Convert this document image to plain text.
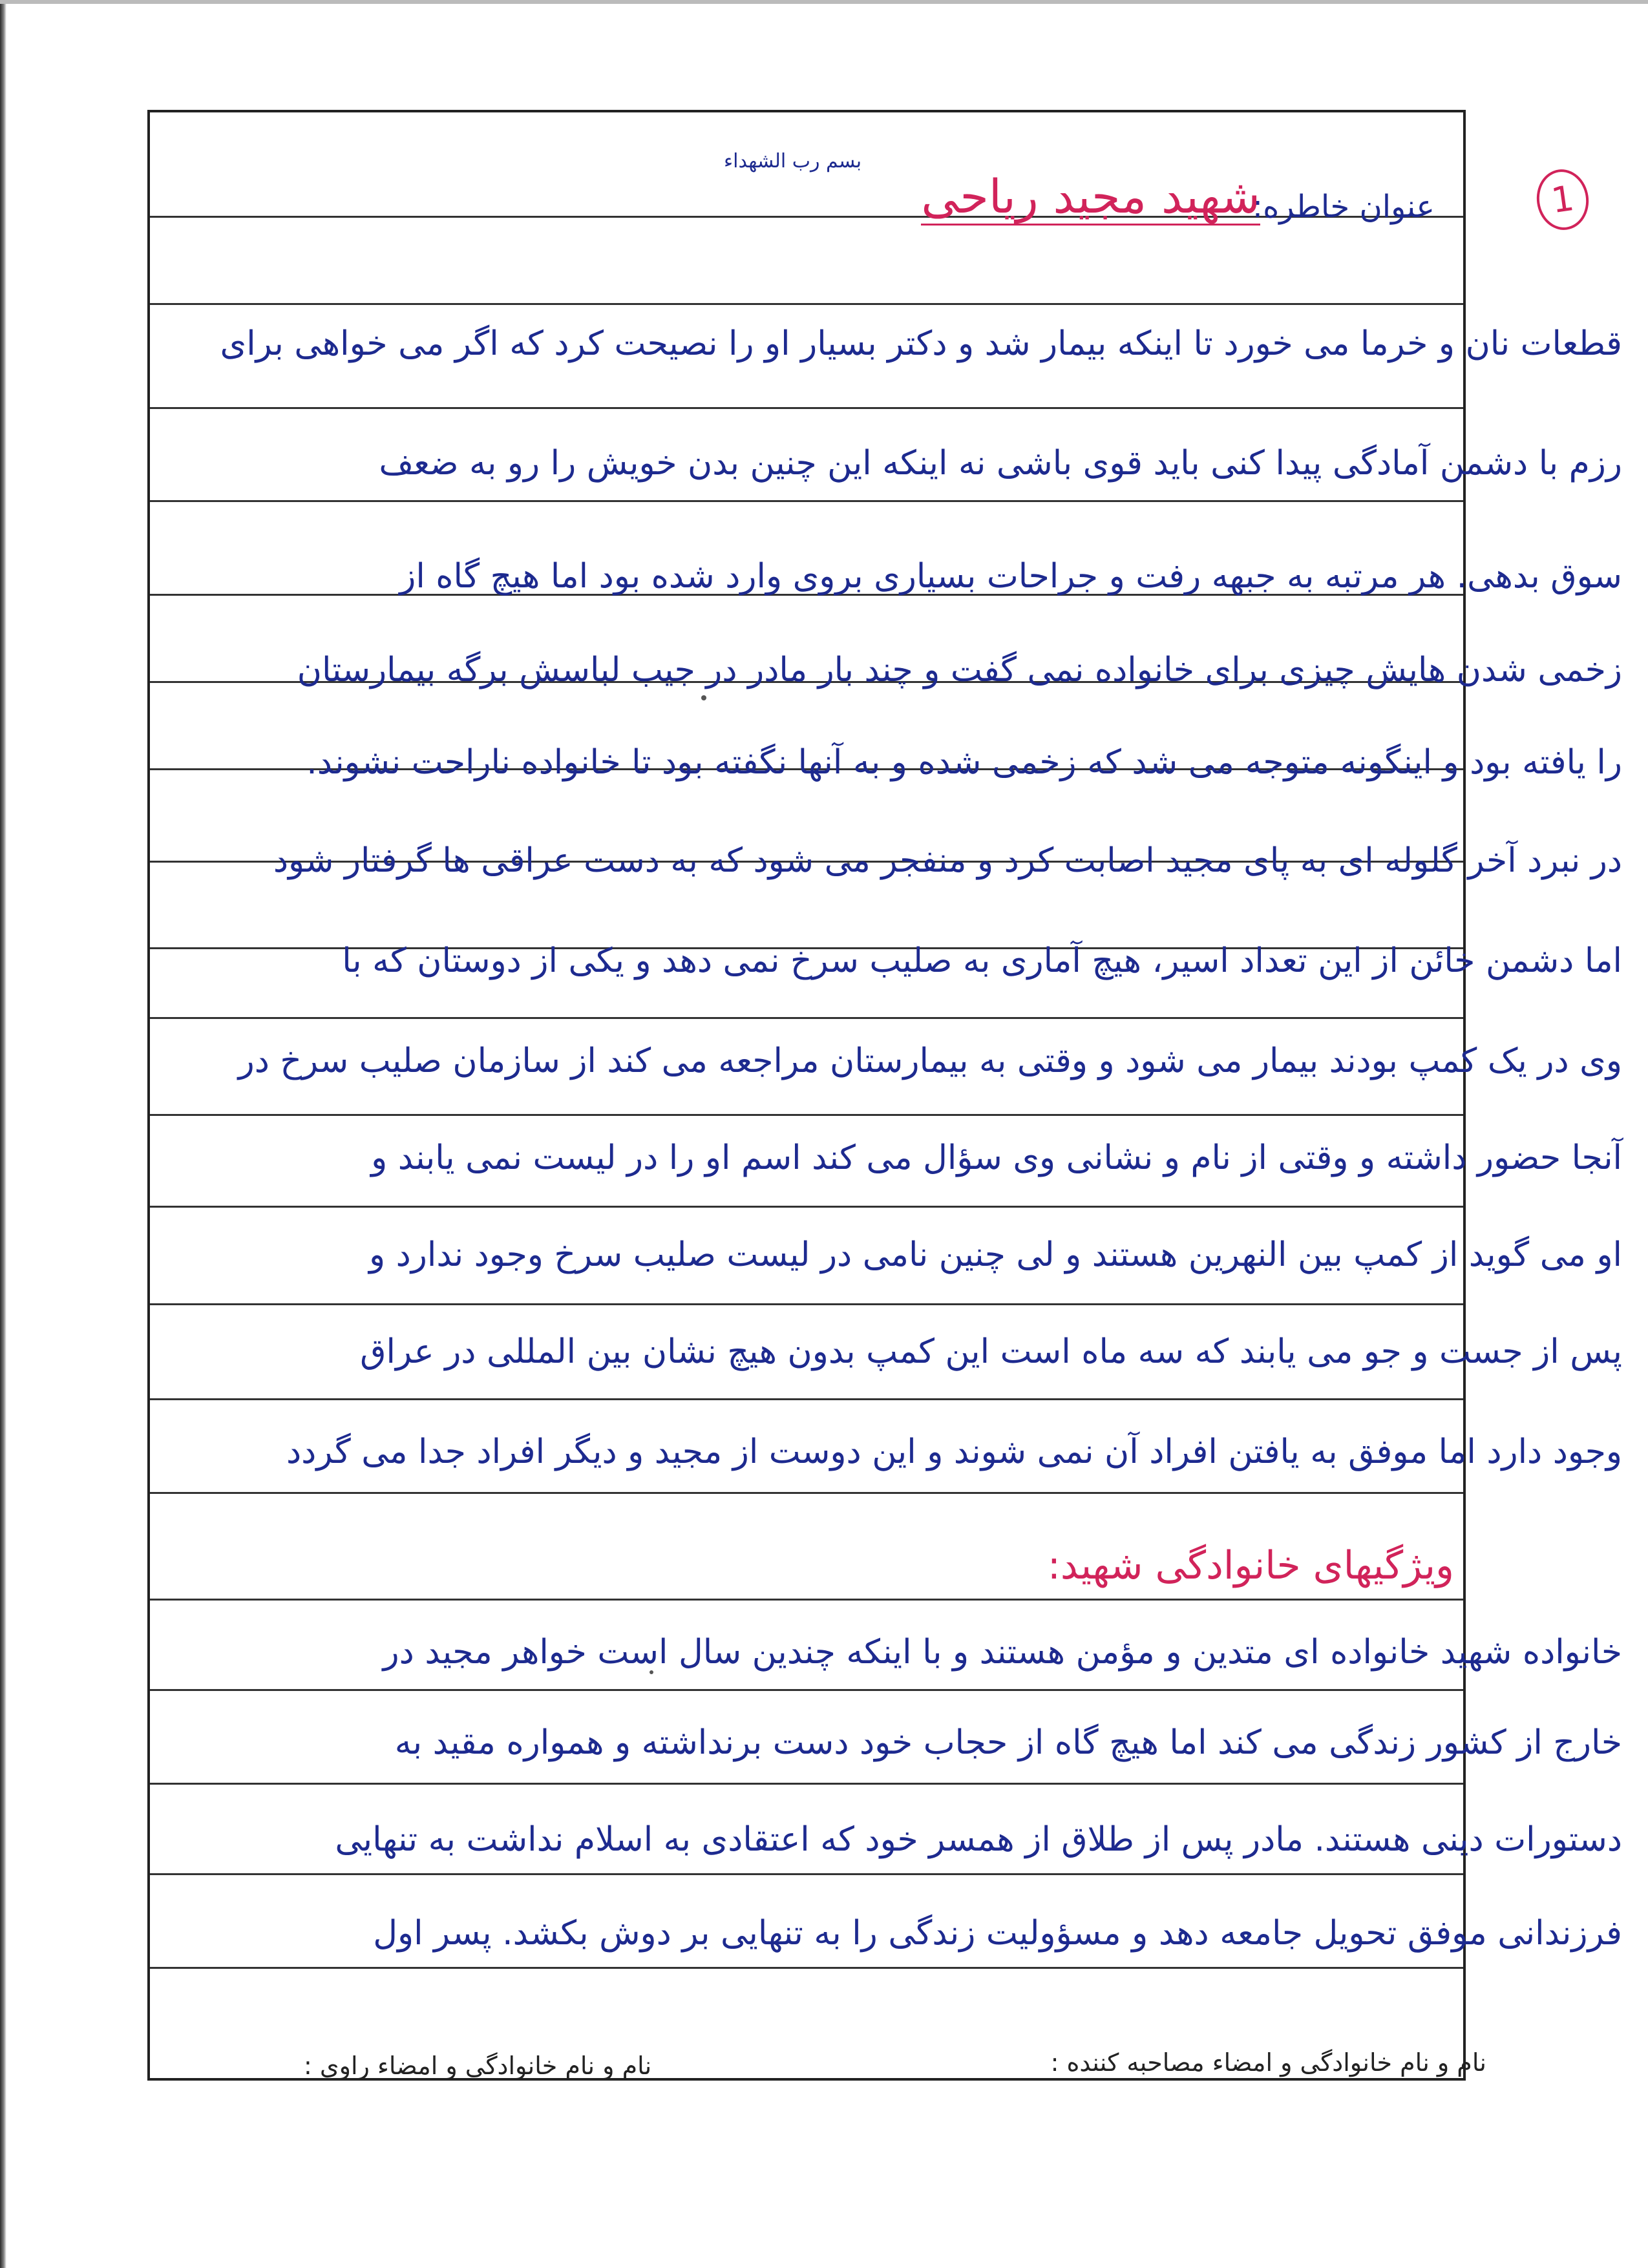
1
بسم رب الشهداء
عنوان خاطره:
شهید مجید ریاحی
قطعات نان و خرما می خورد تا اینکه بیمار شد و دکتر بسیار او را نصیحت کرد که اگر می خواهی برای
رزم با دشمن آمادگی پیدا کنی باید قوی باشی نه اینکه این چنین بدن خویش را رو به ضعف
سوق بدهی. هر مرتبه به جبهه رفت و جراحات بسیاری بروی وارد شده بود اما هیچ گاه از
زخمی شدن هایش چیزی برای خانواده نمی گفت و چند بار مادر در جیب لباسش برگه بیمارستان
را یافته بود و اینگونه متوجه می شد که زخمی شده و به آنها نگفته بود تا خانواده ناراحت نشوند.
در نبرد آخر گلوله ای به پای مجید اصابت کرد و منفجر می شود که به دست عراقی ها گرفتار شود
اما دشمن خائن از این تعداد اسیر، هیچ آماری به صلیب سرخ نمی دهد و یکی از دوستان که با
وی در یک کمپ بودند بیمار می شود و وقتی به بیمارستان مراجعه می کند از سازمان صلیب سرخ در
آنجا حضور داشته و وقتی از نام و نشانی وی سؤال می کند اسم او را در لیست نمی یابند و
او می گوید از کمپ بین النهرین هستند و لی چنین نامی در لیست صلیب سرخ وجود ندارد و
پس از جست و جو می یابند که سه ماه است این کمپ بدون هیچ نشان بین المللی در عراق
وجود دارد اما موفق به یافتن افراد آن نمی شوند و این دوست از مجید و دیگر افراد جدا می گردد
ویژگیهای خانوادگی شهید:
خانواده شهید خانواده ای متدین و مؤمن هستند و با اینکه چندین سال است خواهر مجید در
خارج از کشور زندگی می کند اما هیچ گاه از حجاب خود دست برنداشته و همواره مقید به
دستورات دینی هستند. مادر پس از طلاق از همسر خود که اعتقادی به اسلام نداشت به تنهایی
فرزندانی موفق تحویل جامعه دهد و مسؤولیت زندگی را به تنهایی بر دوش بکشد. پسر اول
نام و نام خانوادگی و امضاء مصاحبه کننده :
نام و نام خانوادگی و امضاء راوی :
